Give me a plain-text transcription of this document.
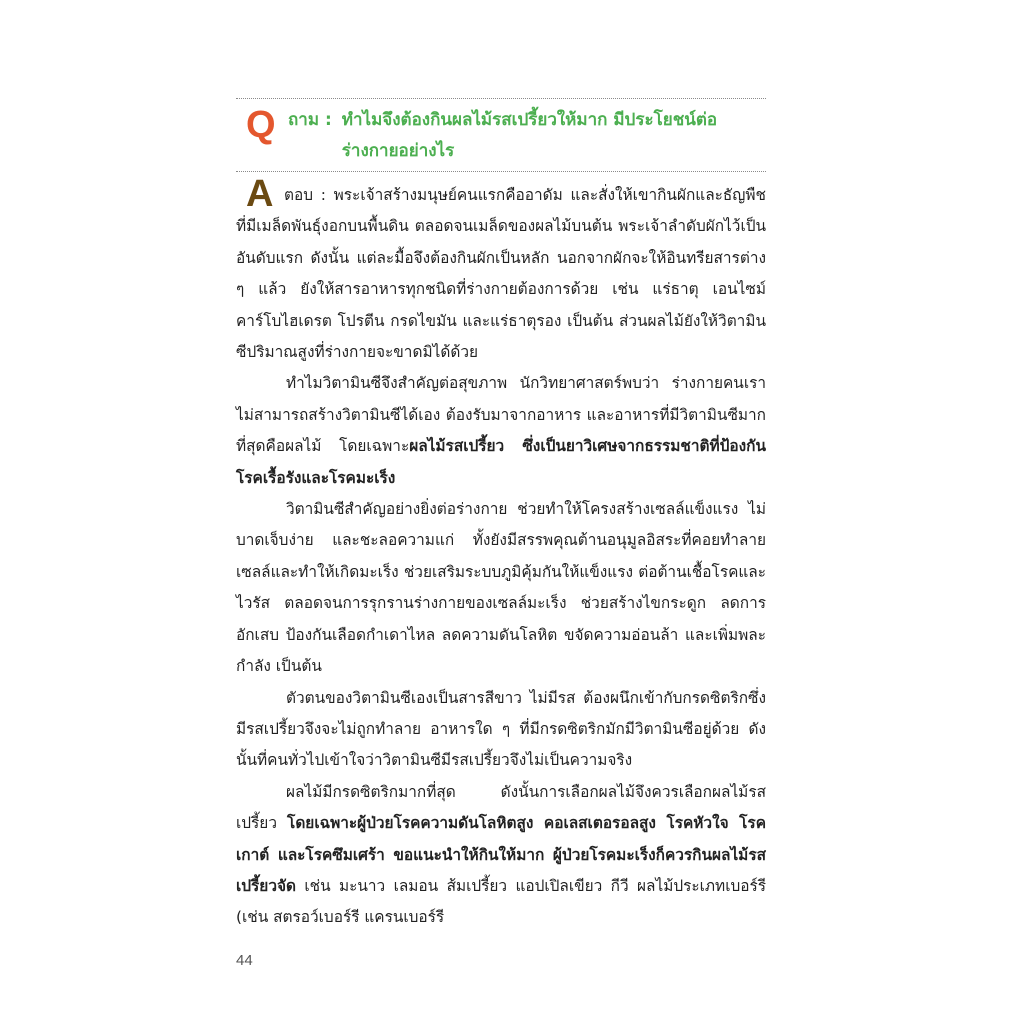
Q ถาม : ทำไมจึงต้องกินผลไม้รสเปรี้ยวให้มาก มีประโยชน์ต่อร่างกายอย่างไร
A ตอบ : พระเจ้าสร้างมนุษย์คนแรกคืออาดัม และสั่งให้เขากินผักและธัญพืชที่มีเมล็ดพันธุ์งอกบนพื้นดิน ตลอดจนเมล็ดของผลไม้บนต้น พระเจ้าลำดับผักไว้เป็นอันดับแรก ดังนั้น แต่ละมื้อจึงต้องกินผักเป็นหลัก นอกจากผักจะให้อินทรียสารต่าง ๆ แล้ว ยังให้สารอาหารทุกชนิดที่ร่างกายต้องการด้วย เช่น แร่ธาตุ เอนไซม์ คาร์โบไฮเดรต โปรตีน กรดไขมัน และแร่ธาตุรอง เป็นต้น ส่วนผลไม้ยังให้วิตามินซีปริมาณสูงที่ร่างกายจะขาดมิได้ด้วย

ทำไมวิตามินซีจึงสำคัญต่อสุขภาพ นักวิทยาศาสตร์พบว่า ร่างกายคนเราไม่สามารถสร้างวิตามินซีได้เอง ต้องรับมาจากอาหาร และอาหารที่มีวิตามินซีมากที่สุดคือผลไม้ โดยเฉพาะผลไม้รสเปรี้ยว ซึ่งเป็นยาวิเศษจากธรรมชาติที่ป้องกันโรคเรื้อรังและโรคมะเร็ง

วิตามินซีสำคัญอย่างยิ่งต่อร่างกาย ช่วยทำให้โครงสร้างเซลล์แข็งแรง ไม่บาดเจ็บง่าย และชะลอความแก่ ทั้งยังมีสรรพคุณต้านอนุมูลอิสระที่คอยทำลายเซลล์และทำให้เกิดมะเร็ง ช่วยเสริมระบบภูมิคุ้มกันให้แข็งแรง ต่อต้านเชื้อโรคและไวรัส ตลอดจนการรุกรานร่างกายของเซลล์มะเร็ง ช่วยสร้างไขกระดูก ลดการอักเสบ ป้องกันเลือดกำเดาไหล ลดความดันโลหิต ขจัดความอ่อนล้า และเพิ่มพละกำลัง เป็นต้น

ตัวตนของวิตามินซีเองเป็นสารสีขาว ไม่มีรส ต้องผนึกเข้ากับกรดซิตริกซึ่งมีรสเปรี้ยวจึงจะไม่ถูกทำลาย อาหารใด ๆ ที่มีกรดซิตริกมักมีวิตามินซีอยู่ด้วย ดังนั้นที่คนทั่วไปเข้าใจว่าวิตามินซีมีรสเปรี้ยวจึงไม่เป็นความจริง

ผลไม้มีกรดซิตริกมากที่สุด ดังนั้นการเลือกผลไม้จึงควรเลือกผลไม้รสเปรี้ยว โดยเฉพาะผู้ป่วยโรคความดันโลหิตสูง คอเลสเตอรอลสูง โรคหัวใจ โรคเกาต์ และโรคซึมเศร้า ขอแนะนำให้กินให้มาก ผู้ป่วยโรคมะเร็งก็ควรกินผลไม้รสเปรี้ยวจัด เช่น มะนาว เลมอน ส้มเปรี้ยว แอปเปิลเขียว กีวี ผลไม้ประเภทเบอร์รี (เช่น สตรอว์เบอร์รี แครนเบอร์รี

44
